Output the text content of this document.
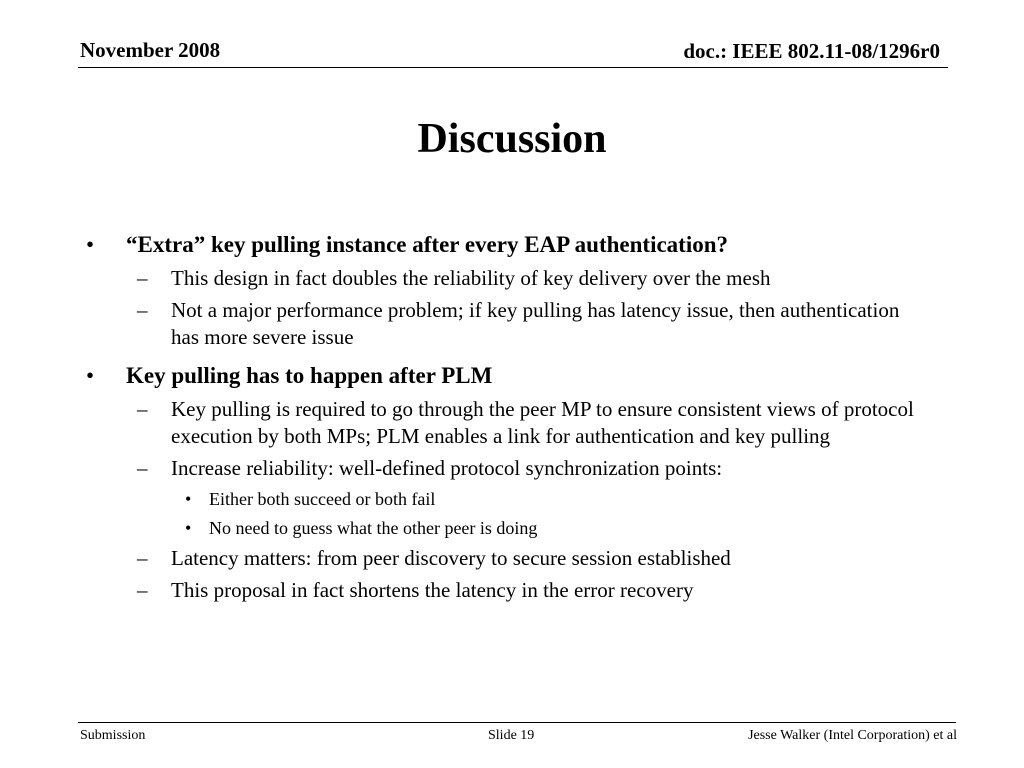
November 2008	doc.: IEEE 802.11-08/1296r0
Discussion
• “Extra” key pulling instance after every EAP authentication?
– This design in fact doubles the reliability of key delivery over the mesh
– Not a major performance problem; if key pulling has latency issue, then authentication has more severe issue
• Key pulling has to happen after PLM
– Key pulling is required to go through the peer MP to ensure consistent views of protocol execution by both MPs; PLM enables a link for authentication and key pulling
– Increase reliability: well-defined protocol synchronization points:
• Either both succeed or both fail
• No need to guess what the other peer is doing
– Latency matters: from peer discovery to secure session established
– This proposal in fact shortens the latency in the error recovery
Submission	Slide 19	Jesse Walker (Intel Corporation) et al
